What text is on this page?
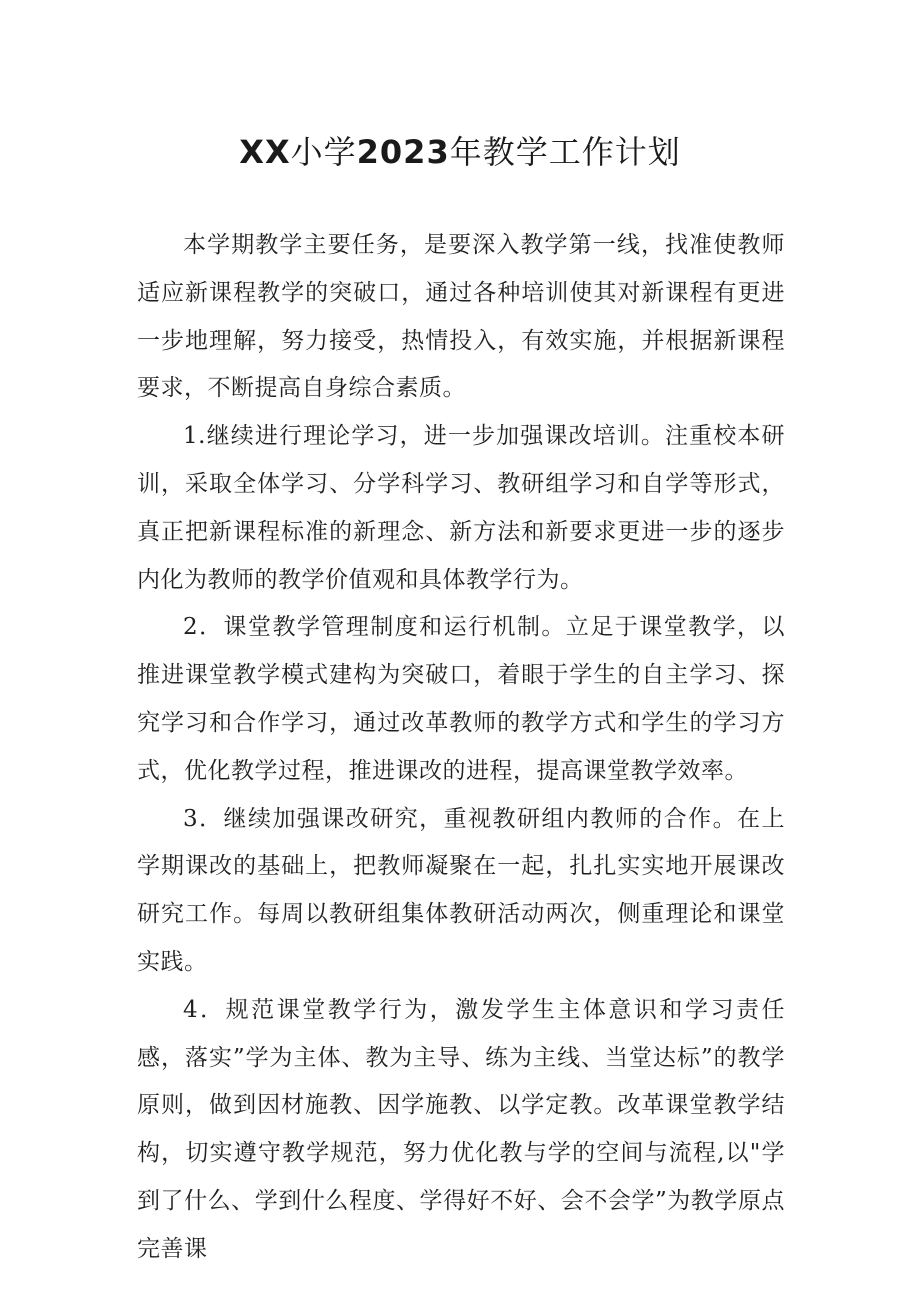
XX小学2023年教学工作计划

本学期教学主要任务，是要深入教学第一线，找准使教师适应新课程教学的突破口，通过各种培训使其对新课程有更进一步地理解，努力接受，热情投入，有效实施，并根据新课程要求，不断提高自身综合素质。

1.继续进行理论学习，进一步加强课改培训。注重校本研训，采取全体学习、分学科学习、教研组学习和自学等形式，真正把新课程标准的新理念、新方法和新要求更进一步的逐步内化为教师的教学价值观和具体教学行为。

2．课堂教学管理制度和运行机制。立足于课堂教学，以推进课堂教学模式建构为突破口，着眼于学生的自主学习、探究学习和合作学习，通过改革教师的教学方式和学生的学习方式，优化教学过程，推进课改的进程，提高课堂教学效率。

3．继续加强课改研究，重视教研组内教师的合作。在上学期课改的基础上，把教师凝聚在一起，扎扎实实地开展课改研究工作。每周以教研组集体教研活动两次，侧重理论和课堂实践。

4．规范课堂教学行为，激发学生主体意识和学习责任感，落实”学为主体、教为主导、练为主线、当堂达标”的教学原则，做到因材施教、因学施教、以学定教。改革课堂教学结构，切实遵守教学规范，努力优化教与学的空间与流程,以"学到了什么、学到什么程度、学得好不好、会不会学”为教学原点完善课
